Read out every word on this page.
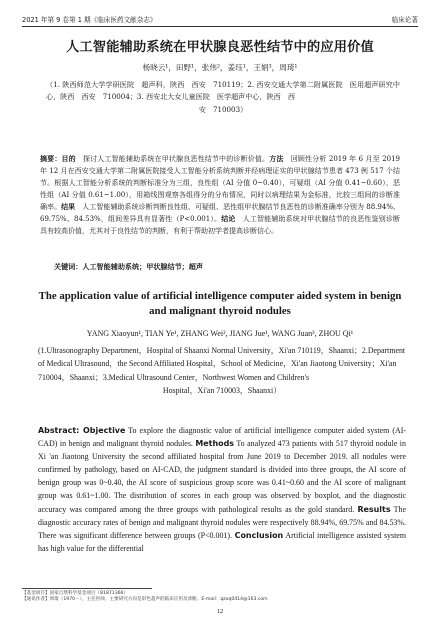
2021 年第 9 卷第 1 期《临床医药文献杂志》	临床论著
人工智能辅助系统在甲状腺良恶性结节中的应用价值
杨晓云¹，田野¹，张伟²，姜珏¹，王娟³，周琦¹
（1. 陕西师范大学学研医院　超声科，陕西　西安　710119；2. 西安交通大学第二附属医院　医用超声研究中心，陕西　西安　710004；3. 西安北大女儿童医院　医学超声中心，陕西　西
安　710003）
摘要：目的　探讨人工智能辅助系统在甲状腺良恶性结节中的诊断价值。方法　回顾性分析 2019 年 6 月至 2019 年 12 月在西安交通大学第二附属医院接受人工智能分析系统判断并经病理证实的甲状腺结节患者 473 例 517 个结节。根据人工智能分析系统的判断标准分为三组，良性组（AI 分值 0~0.40），可疑组（AI 分值 0.41~0.60），恶性组（AI 分值 0.61~1.00），用箱线图观察各组得分的分布情况，同时以病理结果为金标准，比较三组间的诊断准确率。结果　人工智能辅助系统诊断判断良性组、可疑组、恶性组甲状腺结节良恶性的诊断准确率分别为 88.94%、69.75%、84.53%，组间差异具有显著性（P<0.001）。结论　人工智能辅助系统对甲状腺结节的良恶性鉴别诊断具有较高价值，尤其对于良性结节的判断，有利于帮助初学者提高诊断信心。
关键词：人工智能辅助系统；甲状腺结节；超声
The application value of artificial intelligence computer aided system in benign and malignant thyroid nodules
YANG Xiaoyun¹, TIAN Ye¹, ZHANG Wei², JIANG Jue¹, WANG Juan³, ZHOU Qi¹
(1.Ultrasonography Department，Hospital of Shaanxi Normal University，Xi'an 710119，Shaanxi；2.Department of Medical Ultrasound，the Second Affiliated Hospital，School of Medicine，Xi'an Jiaotong University；Xi'an 710004，Shaanxi；3.Medical Ultrasound Center，Northwest Women and Children's
Hospital，Xi'an 710003，Shaanxi）
Abstract: Objective To explore the diagnostic value of artificial intelligence computer aided system (AI-CAD) in benign and malignant thyroid nodules. Methods To analyzed 473 patients with 517 thyroid nodule in Xi 'an Jiaotong University the second affiliated hospital from June 2019 to December 2019. all nodules were confirmed by pathology, based on AI-CAD, the judgment standard is divided into three groups, the AI score of benign group was 0~0.40, the AI score of suspicious group score was 0.41~0.60 and the AI score of malignant group was 0.61~1.00. The distribution of scores in each group was observed by boxplot, and the diagnostic accuracy was compared among the three groups with pathological results as the gold standard. Results The diagnostic accuracy rates of benign and malignant thyroid nodules were respectively 88.94%, 69.75% and 84.53%. There was significant difference between groups (P<0.001). Conclusion Artificial intelligence assisted system has high value for the differential
【基金项目】国家自然科学基金项目（81871366）
【通讯作者】周琦（1970－），主任医师，主要研究方向是彩色超声的临床应用及诊断。E-mail：qzxq0414@163.com
12
